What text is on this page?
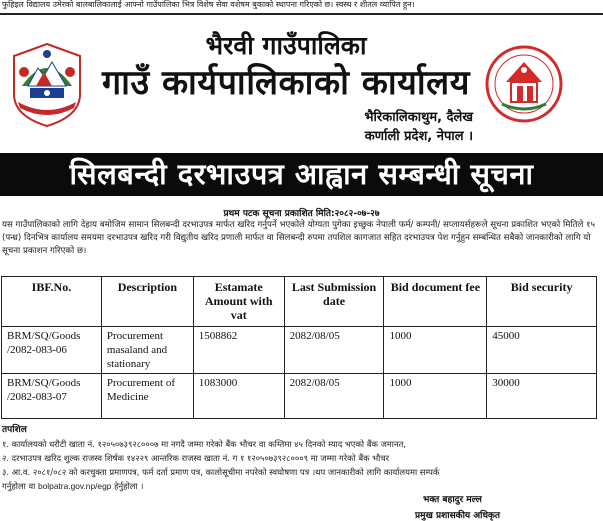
फुहिइल विद्यालय उमेरको बालबालिकालाई आफ्नो गाउँपालिका भित्र विशेष सेवा वशेषम बुकाको स्थापना गरिएको छ। स्वस्थ र शीतल व्यापित हुन।
भैरवी गाउँपालिका
गाउँ कार्यपालिकाको कार्यालय
भैरिकालिकाथुम, दैलेख
कर्णाली प्रदेश, नेपाल ।
सिलबन्दी दरभाउपत्र आह्वान सम्बन्धी सूचना
प्रथम पटक सूचना प्रकाशित मिति:२०८२-०७-२७
यस गाउँपालिकाको लागि देहाय बमोजिम सामान सिलबन्दी दरभाउपत्र मार्फत खरिद गर्नुपर्ने भएकोले योग्यता पुगेका इच्छुक नेपाली फर्म/ कम्पनी/ सप्लायर्सहरूले सूचना प्रकाशित भएको मितिले १५ (पन्ध्र) दिनभित्र कार्यालय समयमा दरभाउपत्र खरिद गरी विद्युतीय खरिद प्रणाली मार्फत वा सिलबन्दी रुपमा तपशिल कागजात सहित दरभाउपत्र पेश गर्नुहुन सम्बन्धित सबैको जानकारीको लागि यो सूचना प्रकाशन गरिएको छ।
IBF.No.	Description	Estamate Amount with vat	Last Submission date	Bid document fee	Bid security
BRM/SQ/Goods /2082-083-06	Procurement masaland and stationary	1508862	2082/08/05	1000	45000
BRM/SQ/Goods /2082-083-07	Procurement of Medicine	1083000	2082/08/05	1000	30000
तपशिल
१. कार्यालयको धरौटी खाता नं. १२०५०७३९२८०००७ मा नगदै जम्मा गरेको बैंक भौचर वा कम्तिमा ४५ दिनको म्याद भएको बैंक जमानत,
२. दरभाउपत्र खरिद शुल्क राजस्व शिर्षक १४२२९ आन्तरिक राजस्व खाता नं. ग १ १२०५०७३९२८०००९ मा जम्मा गरेको बैंक भौचर
३. आ.व. २०८१/०८२ को करचुक्ता प्रमाणपत्र, फर्म दर्ता प्रमाण पत्र, कालोसूचीमा नपरेको स्वघोषणा पत्र ।थप जानकारीको लागि कार्यालयमा सम्पर्क
गर्नुहोला वा bolpatra.gov.np/egp हेर्नुहोला ।
भक्त बहादुर मल्ल
प्रमुख प्रशासकीय अधिकृत
